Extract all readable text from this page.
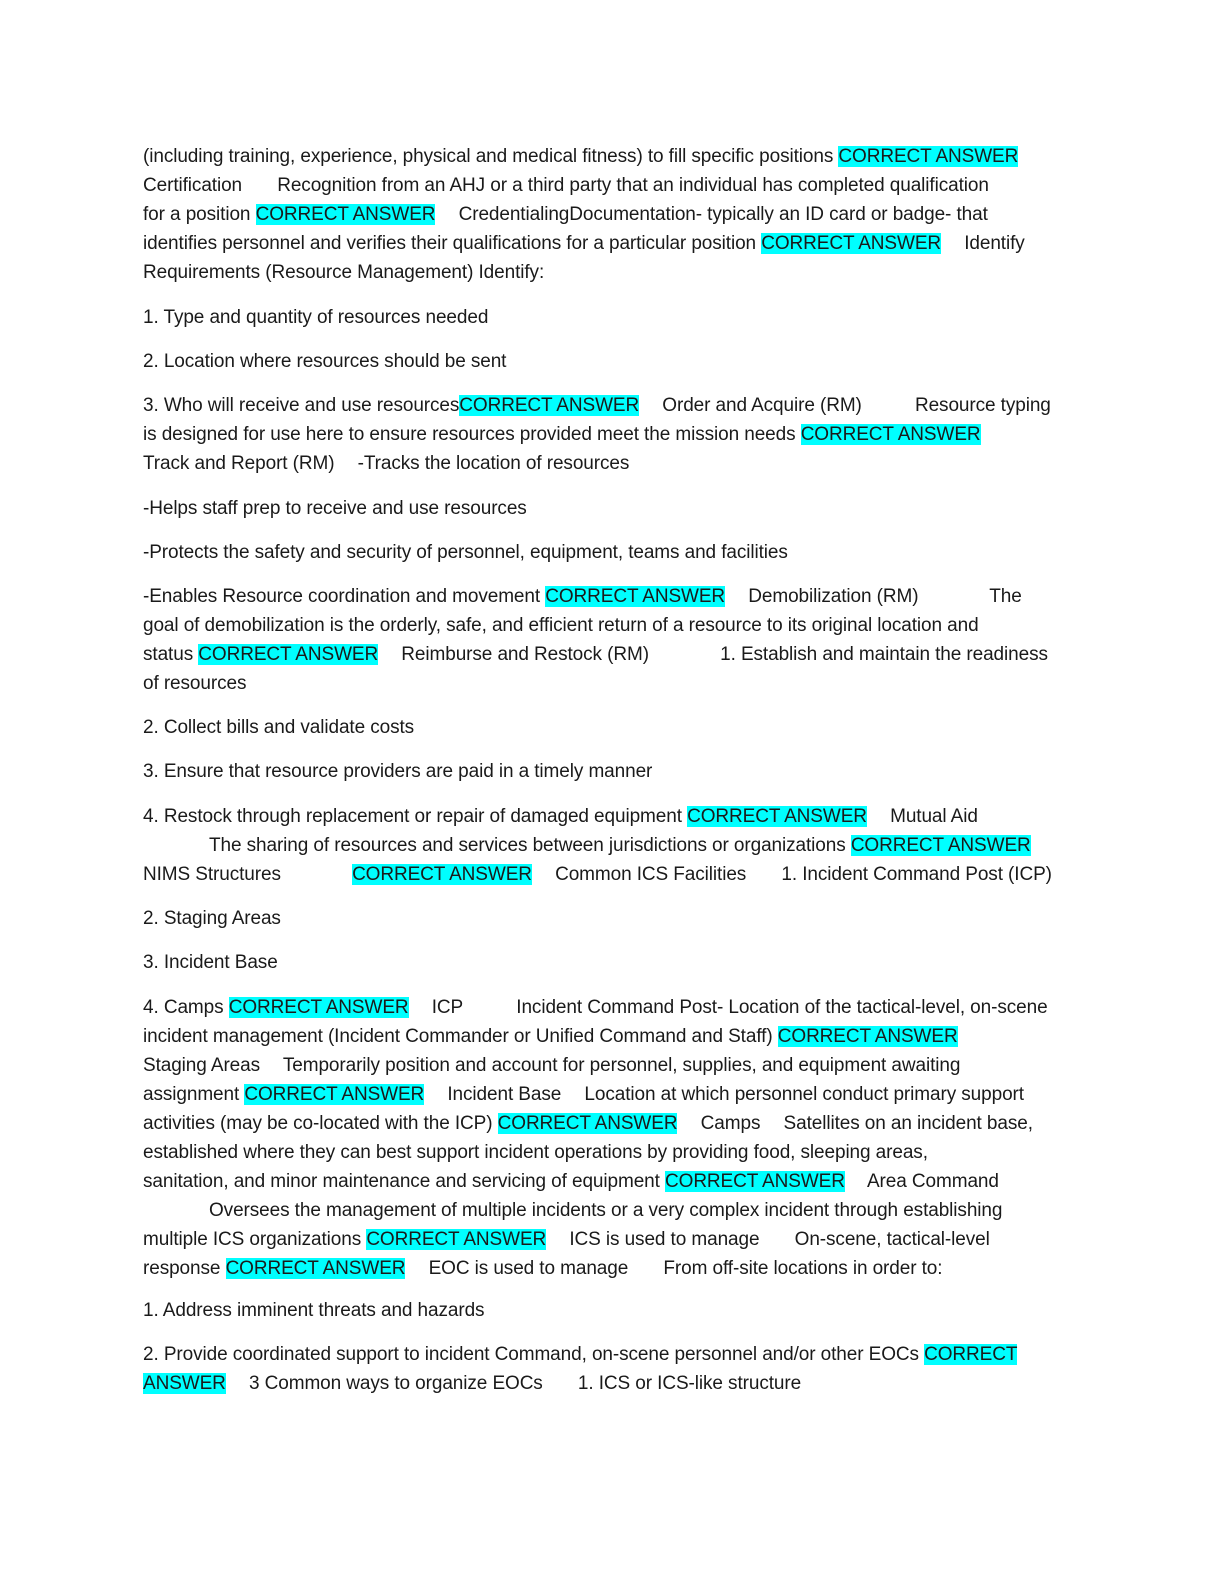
(including training, experience, physical and medical fitness) to fill specific positions CORRECT ANSWER
Certification Recognition from an AHJ or a third party that an individual has completed qualification
for a position CORRECT ANSWER CredentialingDocumentation- typically an ID card or badge- that
identifies personnel and verifies their qualifications for a particular position CORRECT ANSWER Identify
Requirements (Resource Management) Identify:
1. Type and quantity of resources needed
2. Location where resources should be sent
3. Who will receive and use resourcesCORRECT ANSWER Order and Acquire (RM)	Resource typing
is designed for use here to ensure resources provided meet the mission needs CORRECT ANSWER
Track and Report (RM) -Tracks the location of resources
-Helps staff prep to receive and use resources
-Protects the safety and security of personnel, equipment, teams and facilities
-Enables Resource coordination and movement CORRECT ANSWER Demobilization (RM)	The
goal of demobilization is the orderly, safe, and efficient return of a resource to its original location and
status CORRECT ANSWER Reimburse and Restock (RM)	1. Establish and maintain the readiness
of resources
2. Collect bills and validate costs
3. Ensure that resource providers are paid in a timely manner
4. Restock through replacement or repair of damaged equipment CORRECT ANSWER Mutual Aid
The sharing of resources and services between jurisdictions or organizations CORRECT ANSWER
NIMS Structures	CORRECT ANSWER Common ICS Facilities 1. Incident Command Post (ICP)
2. Staging Areas
3. Incident Base
4. Camps CORRECT ANSWER ICP	Incident Command Post- Location of the tactical-level, on-scene
incident management (Incident Commander or Unified Command and Staff) CORRECT ANSWER
Staging Areas Temporarily position and account for personnel, supplies, and equipment awaiting
assignment CORRECT ANSWER Incident Base Location at which personnel conduct primary support
activities (may be co-located with the ICP) CORRECT ANSWER Camps Satellites on an incident base,
established where they can best support incident operations by providing food, sleeping areas,
sanitation, and minor maintenance and servicing of equipment CORRECT ANSWER Area Command
Oversees the management of multiple incidents or a very complex incident through establishing
multiple ICS organizations CORRECT ANSWER ICS is used to manage On-scene, tactical-level
response CORRECT ANSWER EOC is used to manage From off-site locations in order to:
1. Address imminent threats and hazards
2. Provide coordinated support to incident Command, on-scene personnel and/or other EOCs CORRECT
ANSWER 3 Common ways to organize EOCs 1. ICS or ICS-like structure
